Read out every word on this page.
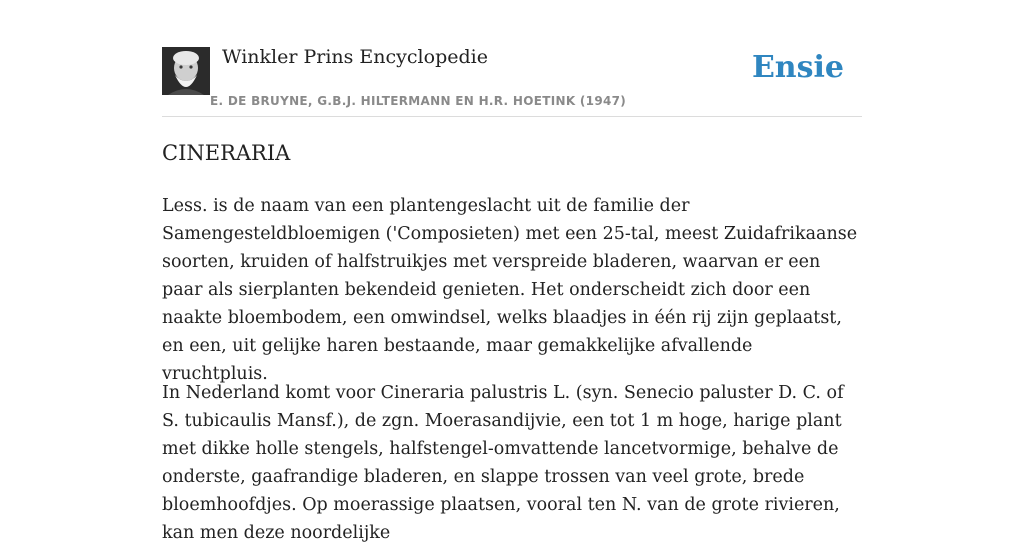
Winkler Prins Encyclopedie
E. DE BRUYNE, G.B.J. HILTERMANN EN H.R. HOETINK (1947)
Ensie
CINERARIA

Less. is de naam van een plantengeslacht uit de familie der Samengesteldbloemigen ('Composieten) met een 25-tal, meest Zuidafrikaanse soorten, kruiden of halfstruikjes met verspreide bladeren, waarvan er een paar als sierplanten bekendeid genieten. Het onderscheidt zich door een naakte bloembodem, een omwindsel, welks blaadjes in één rij zijn geplaatst, en een, uit gelijke haren bestaande, maar gemakkelijke afvallende vruchtpluis.

In Nederland komt voor Cineraria palustris L. (syn. Senecio paluster D. C. of S. tubicaulis Mansf.), de zgn. Moerasandijvie, een tot 1 m hoge, harige plant met dikke holle stengels, halfstengel-omvattende lancetvormige, behalve de onderste, gaafrandige bladeren, en slappe trossen van veel grote, brede bloemhoofdjes. Op moerassige plaatsen, vooral ten N. van de grote rivieren, kan men deze noordelijke
